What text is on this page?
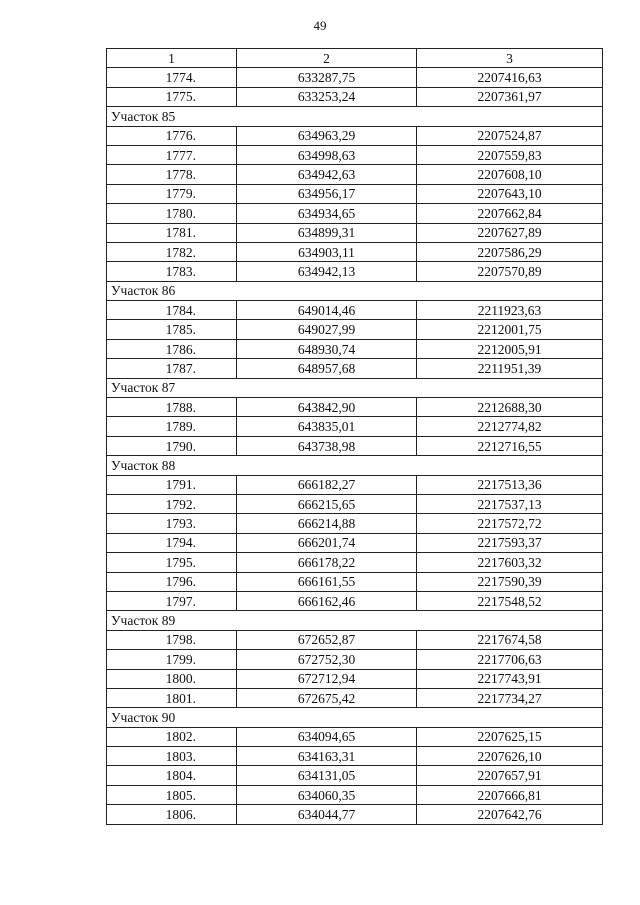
49
1	2	3
1774.	633287,75	2207416,63
1775.	633253,24	2207361,97
Участок 85		
1776.	634963,29	2207524,87
1777.	634998,63	2207559,83
1778.	634942,63	2207608,10
1779.	634956,17	2207643,10
1780.	634934,65	2207662,84
1781.	634899,31	2207627,89
1782.	634903,11	2207586,29
1783.	634942,13	2207570,89
Участок 86		
1784.	649014,46	2211923,63
1785.	649027,99	2212001,75
1786.	648930,74	2212005,91
1787.	648957,68	2211951,39
Участок 87		
1788.	643842,90	2212688,30
1789.	643835,01	2212774,82
1790.	643738,98	2212716,55
Участок 88		
1791.	666182,27	2217513,36
1792.	666215,65	2217537,13
1793.	666214,88	2217572,72
1794.	666201,74	2217593,37
1795.	666178,22	2217603,32
1796.	666161,55	2217590,39
1797.	666162,46	2217548,52
Участок 89		
1798.	672652,87	2217674,58
1799.	672752,30	2217706,63
1800.	672712,94	2217743,91
1801.	672675,42	2217734,27
Участок 90		
1802.	634094,65	2207625,15
1803.	634163,31	2207626,10
1804.	634131,05	2207657,91
1805.	634060,35	2207666,81
1806.	634044,77	2207642,76
